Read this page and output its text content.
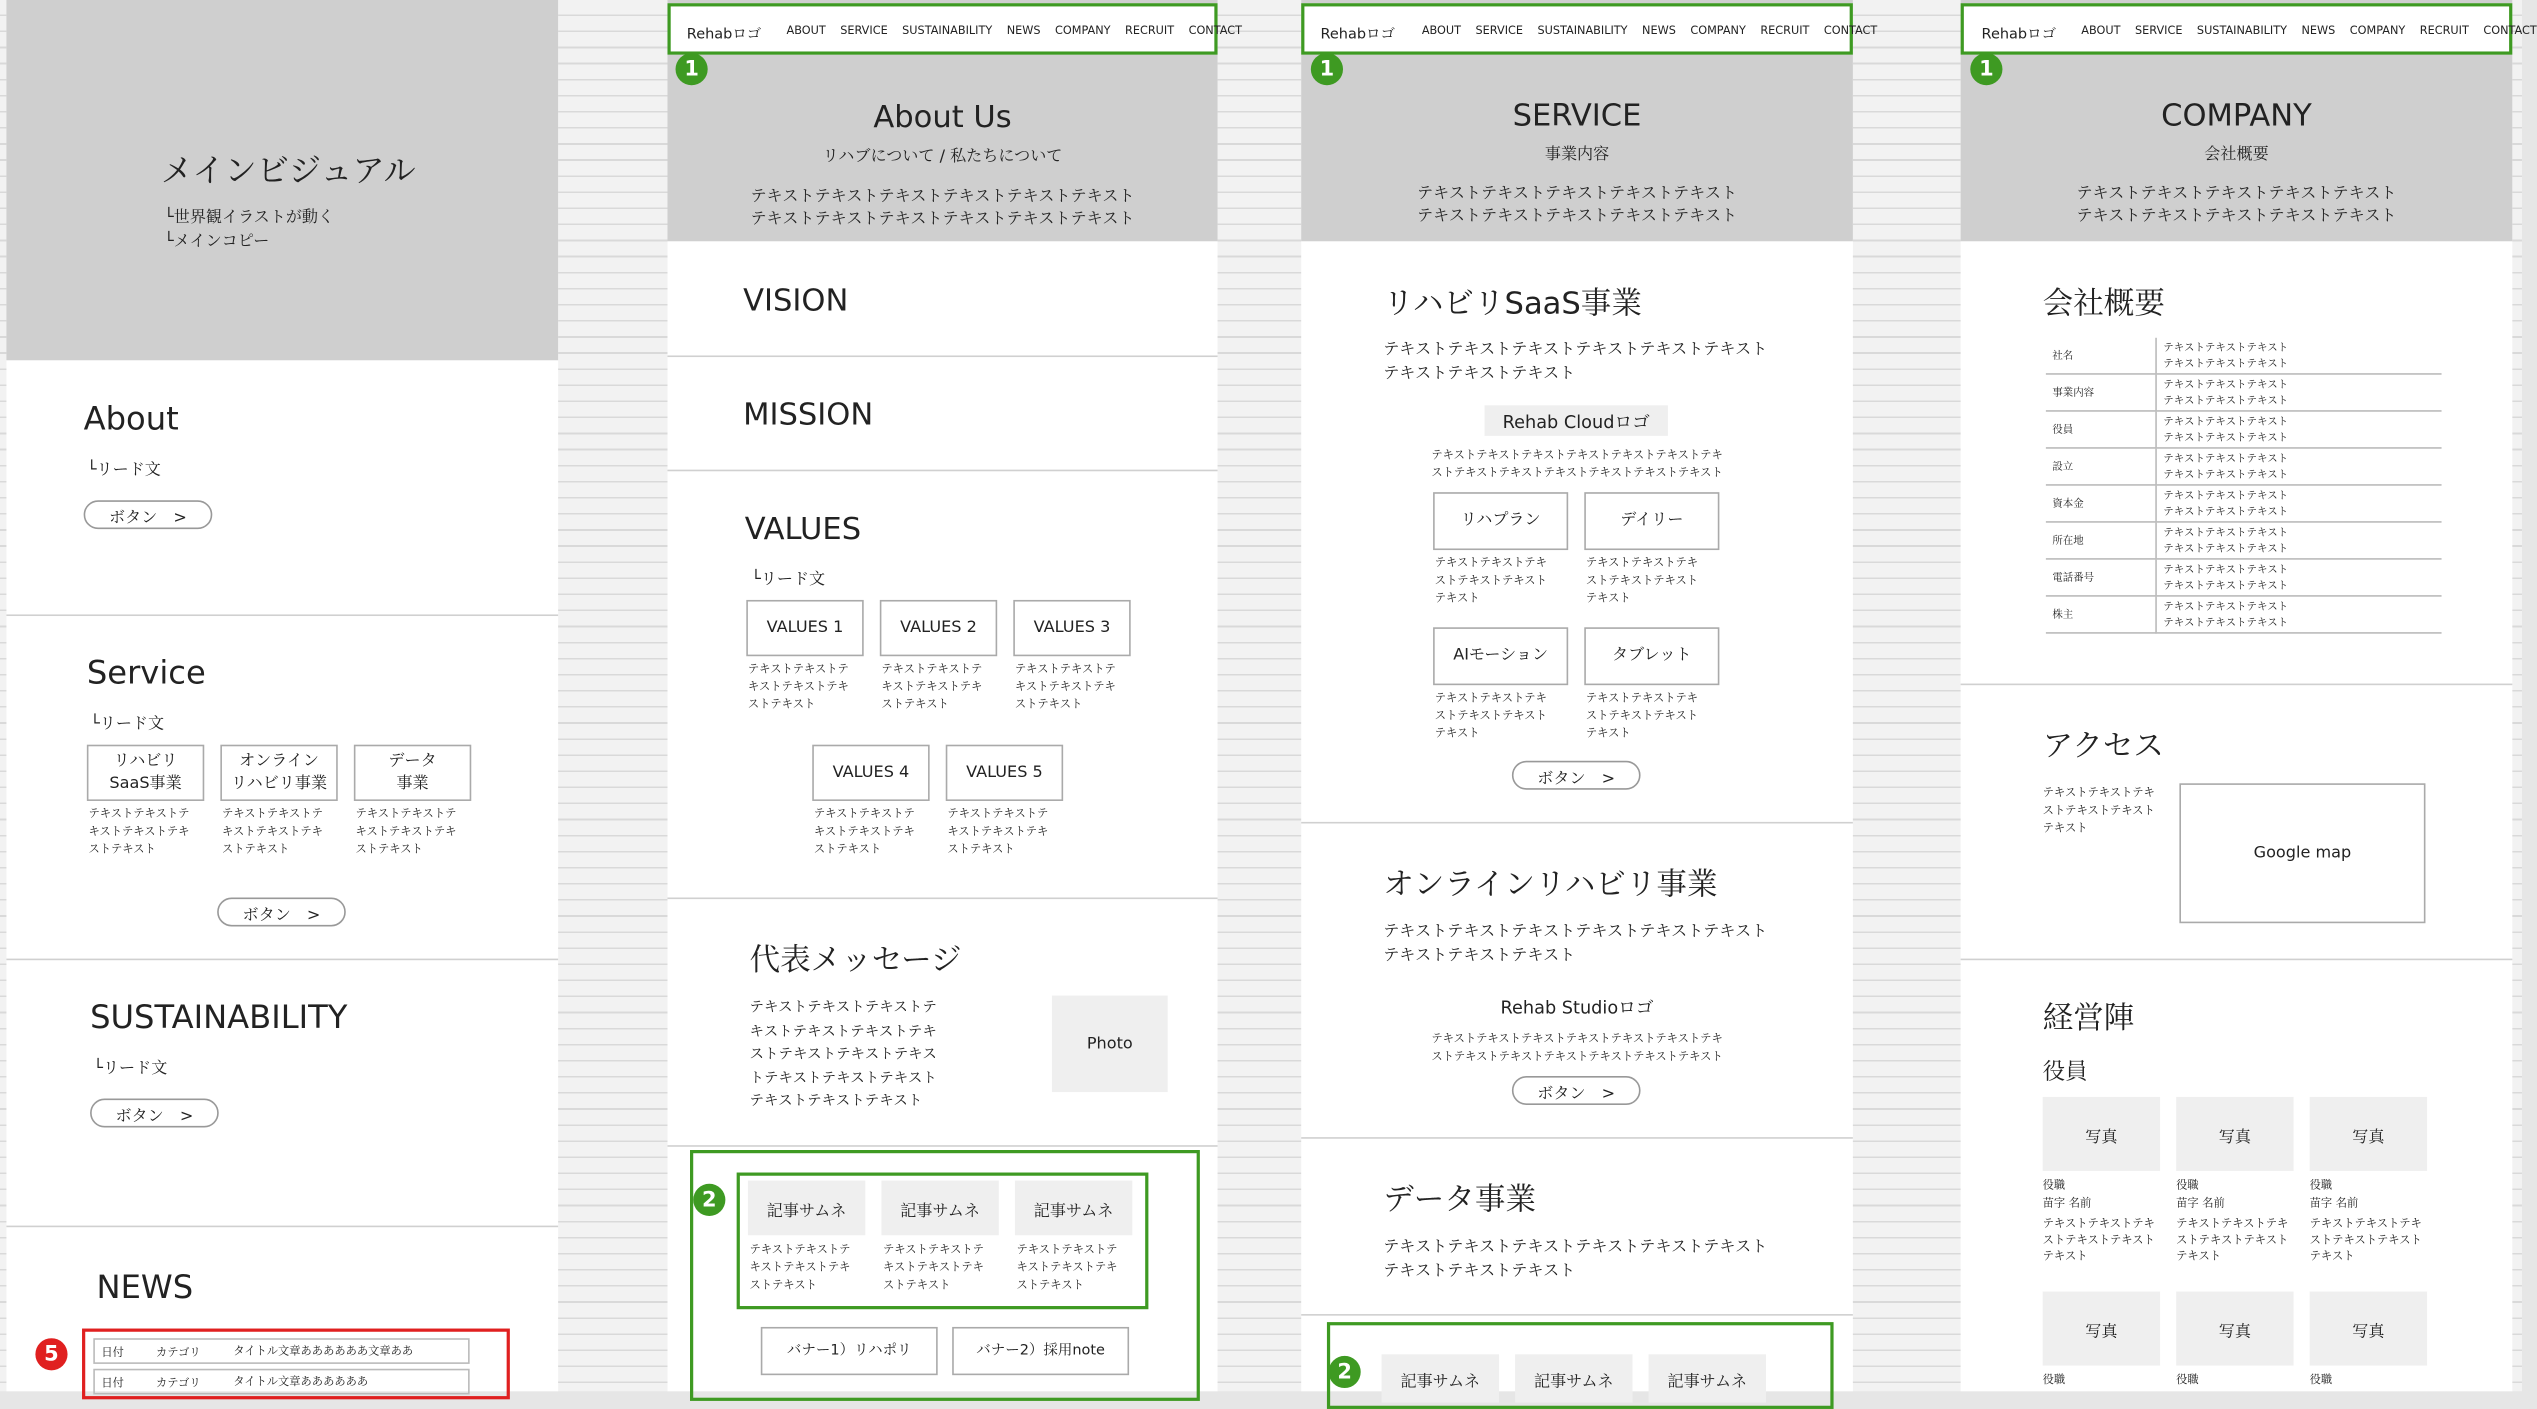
メインビジュアル
└世界観イラストが動く
└メインコピー
About
└リード文
ボタン　>
Service
└リード文
リハビリ
SaaS事業
オンライン
リハビリ事業
データ
事業
テキストテキストテ
キストテキストテキ
ストテキスト
テキストテキストテ
キストテキストテキ
ストテキスト
テキストテキストテ
キストテキストテキ
ストテキスト
ボタン　>
SUSTAINABILITY
└リード文
ボタン　>
NEWS
日付	カテゴリ	タイトル文章ああああああ文章ああ
日付	カテゴリ	タイトル文章ああああああ
5
Rehabロゴ	ABOUT SERVICE SUSTAINABILITY NEWS COMPANY RECRUIT CONTACT
About Us
リハブについて / 私たちについて
テキストテキストテキストテキストテキストテキスト
テキストテキストテキストテキストテキストテキスト
VISION
MISSION
VALUES
└リード文
VALUES 1	VALUES 2	VALUES 3
テキストテキストテ
キストテキストテキ
ストテキスト
テキストテキストテ
キストテキストテキ
ストテキスト
テキストテキストテ
キストテキストテキ
ストテキスト
VALUES 4	VALUES 5
テキストテキストテ
キストテキストテキ
ストテキスト
テキストテキストテ
キストテキストテキ
ストテキスト
代表メッセージ
テキストテキストテキストテ
キストテキストテキストテキ
ストテキストテキストテキス
トテキストテキストテキスト
テキストテキストテキスト
Photo
記事サムネ	記事サムネ	記事サムネ
テキストテキストテ
キストテキストテキ
ストテキスト
テキストテキストテ
キストテキストテキ
ストテキスト
テキストテキストテ
キストテキストテキ
ストテキスト
バナー1）リハポリ	バナー2）採用note
1
2
Rehabロゴ	ABOUT SERVICE SUSTAINABILITY NEWS COMPANY RECRUIT CONTACT
SERVICE
事業内容
テキストテキストテキストテキストテキスト
テキストテキストテキストテキストテキスト
リハビリSaaS事業
テキストテキストテキストテキストテキストテキスト
テキストテキストテキスト
Rehab Cloudロゴ
テキストテキストテキストテキストテキストテキストテキ
ストテキストテキストテキストテキストテキストテキスト
リハプラン	デイリー
テキストテキストテキ
ストテキストテキスト
テキスト
テキストテキストテキ
ストテキストテキスト
テキスト
AIモーション	タブレット
テキストテキストテキ
ストテキストテキスト
テキスト
テキストテキストテキ
ストテキストテキスト
テキスト
ボタン　>
オンラインリハビリ事業
テキストテキストテキストテキストテキストテキスト
テキストテキストテキスト
Rehab Studioロゴ
テキストテキストテキストテキストテキストテキストテキ
ストテキストテキストテキストテキストテキストテキスト
ボタン　>
データ事業
テキストテキストテキストテキストテキストテキスト
テキストテキストテキスト
記事サムネ	記事サムネ	記事サムネ
1
2
Rehabロゴ	ABOUT SERVICE SUSTAINABILITY NEWS COMPANY RECRUIT CONTACT
COMPANY
会社概要
テキストテキストテキストテキストテキスト
テキストテキストテキストテキストテキスト
会社概要
社名	テキストテキストテキスト
テキストテキストテキスト
事業内容	テキストテキストテキスト
テキストテキストテキスト
役員	テキストテキストテキスト
テキストテキストテキスト
設立	テキストテキストテキスト
テキストテキストテキスト
資本金	テキストテキストテキスト
テキストテキストテキスト
所在地	テキストテキストテキスト
テキストテキストテキスト
電話番号	テキストテキストテキスト
テキストテキストテキスト
株主	テキストテキストテキスト
テキストテキストテキスト
アクセス
テキストテキストテキ
ストテキストテキスト
テキスト
Google map
経営陣
役員
写真
役職
苗字 名前
テキストテキストテキ
ストテキストテキスト
テキスト
写真
役職
苗字 名前
テキストテキストテキ
ストテキストテキスト
テキスト
写真
役職
苗字 名前
テキストテキストテキ
ストテキストテキスト
テキスト
写真
役職
写真
役職
写真
役職
1
